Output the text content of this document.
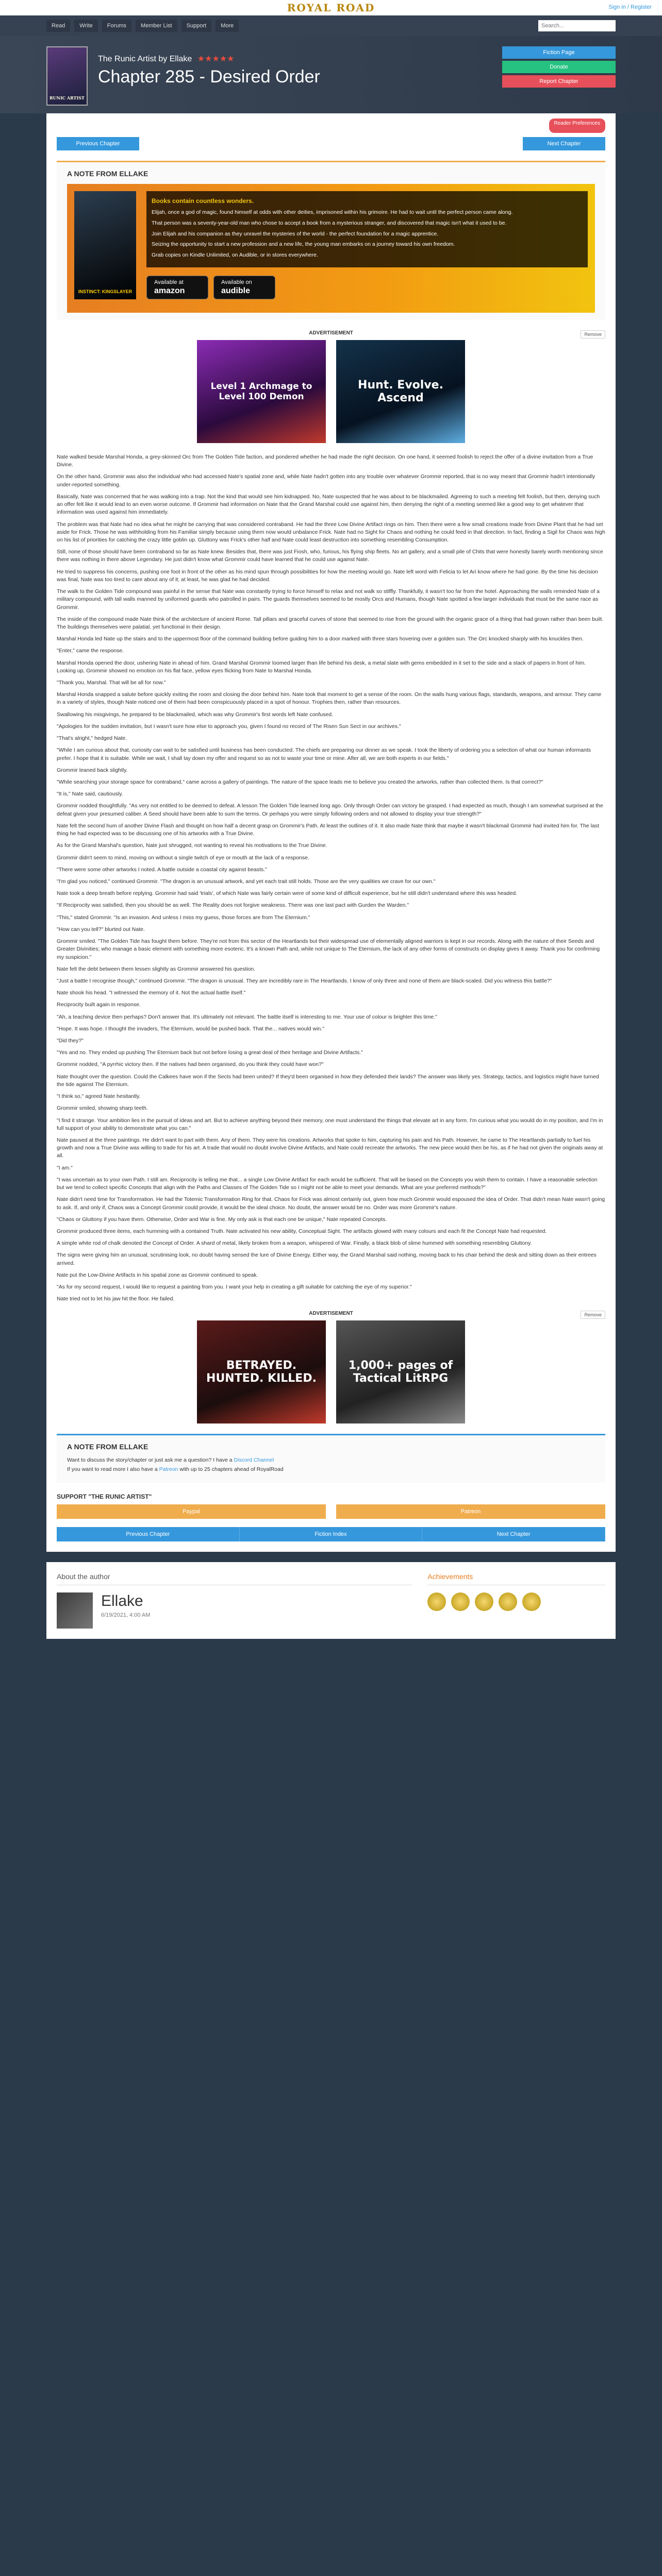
ROYAL ROAD	Sign in / Register
Read	Write	Forums	Member List	Support	More
Search...
RUNIC ARTIST
The Runic Artist by Ellake ★★★★★
Chapter 285 - Desired Order
Fiction Page
Donate
Report Chapter
Reader Preferences
Previous Chapter	Next Chapter
A NOTE FROM ELLAKE
INSTINCT: KINGSLAYER
Books contain countless wonders.

Elijah, once a god of magic, found himself at odds with other deities, imprisoned within his grimoire. He had to wait until the perfect person came along.

That person was a seventy-year-old man who chose to accept a book from a mysterious stranger, and discovered that magic isn't what it used to be.

Join Elijah and his companion as they unravel the mysteries of the world - the perfect foundation for a magic apprentice.

Seizing the opportunity to start a new profession and a new life, the young man embarks on a journey toward his own freedom.

Grab copies on Kindle Unlimited, on Audible, or in stores everywhere.

Available at
amazon
Available on
audible
ADVERTISEMENT	Remove
Level 1 Archmage to Level 100 Demon
Hunt. Evolve. Ascend

Nate walked beside Marshal Honda, a grey-skinned Orc from The Golden Tide faction, and pondered whether he had made the right decision. On one hand, it seemed foolish to reject the offer of a divine invitation from a True Divine.

On the other hand, Grommir was also the individual who had accessed Nate's spatial zone and, while Nate hadn't gotten into any trouble over whatever Grommir reported, that is no way meant that Grommir hadn't intentionally under-reported something.

Basically, Nate was concerned that he was walking into a trap. Not the kind that would see him kidnapped. No, Nate suspected that he was about to be blackmailed. Agreeing to such a meeting felt foolish, but then, denying such an offer felt like it would lead to an even worse outcome. If Grommir had information on Nate that the Grand Marshal could use against him, then denying the right of a meeting seemed like a good way to get whatever that information was used against him immediately.

The problem was that Nate had no idea what he might be carrying that was considered contraband. He had the three Low Divine Artifact rings on him. Then there were a few small creations made from Divine Plant that he had set aside for Frick. Those he was withholding from his Familiar simply because using them now would unbalance Frick. Nate had no Sight for Chaos and nothing he could feed in that direction. In fact, finding a Sigil for Chaos was high on his list of priorities for catching the crazy little goblin up. Gluttony was Frick's other half and Nate could least destruction into something resembling Consumption.

Still, none of those should have been contraband so far as Nate knew. Besides that, there was just Fiosh, who, furious, his flying ship fleets. No art gallery, and a small pile of Chits that were honestly barely worth mentioning since there was nothing in there above Legendary. He just didn't know what Grommir could have learned that he could use against Nate.

He tried to suppress his concerns, pushing one foot in front of the other as his mind spun through possibilities for how the meeting would go. Nate left word with Felicia to let Ari know where he had gone. By the time his decision was final, Nate was too tired to care about any of it; at least, he was glad he had decided.

The walk to the Golden Tide compound was painful in the sense that Nate was constantly trying to force himself to relax and not walk so stiffly. Thankfully, it wasn't too far from the hotel. Approaching the walls reminded Nate of a military compound, with tall walls manned by uniformed guards who patrolled in pairs. The guards themselves seemed to be mostly Orcs and Humans, though Nate spotted a few larger individuals that must be the same race as Grommir.

The inside of the compound made Nate think of the architecture of ancient Rome. Tall pillars and graceful curves of stone that seemed to rise from the ground with the organic grace of a thing that had grown rather than been built. The buildings themselves were palatial, yet functional in their design.

Marshal Honda led Nate up the stairs and to the uppermost floor of the command building before guiding him to a door marked with three stars hovering over a golden sun. The Orc knocked sharply with his knuckles then.

"Enter," came the response.

Marshal Honda opened the door, ushering Nate in ahead of him. Grand Marshal Grommir loomed larger than life behind his desk, a metal slate with gems embedded in it set to the side and a stack of papers in front of him. Looking up, Grommir showed no emotion on his flat face, yellow eyes flicking from Nate to Marshal Honda.

"Thank you, Marshal. That will be all for now."

Marshal Honda snapped a salute before quickly exiting the room and closing the door behind him. Nate took that moment to get a sense of the room. On the walls hung various flags, standards, weapons, and armour. They came in a variety of styles, though Nate noticed one of them had been conspicuously placed in a spot of honour. Trophies then, rather than resources.

Swallowing his misgivings, he prepared to be blackmailed, which was why Grommir's first words left Nate confused.

"Apologies for the sudden invitation, but I wasn't sure how else to approach you, given I found no record of The Risen Sun Sect in our archives."

"That's alright," hedged Nate.

"While I am curious about that, curiosity can wait to be satisfied until business has been conducted. The chiefs are preparing our dinner as we speak. I took the liberty of ordering you a selection of what our human informants prefer. I hope that it is suitable. While we wait, I shall lay down my offer and request so as not to waste your time or mine. After all, we are both experts in our fields."

Grommir leaned back slightly.

"While searching your storage space for contraband," came across a gallery of paintings. The nature of the space leads me to believe you created the artworks, rather than collected them. Is that correct?"

"It is," Nate said, cautiously.

Grommir nodded thoughtfully. "As very not entitled to be deemed to defeat. A lesson The Golden Tide learned long ago. Only through Order can victory be grasped. I had expected as much, though I am somewhat surprised at the defeat given your presumed caliber. A Seed should have been able to sum the terms. Or perhaps you were simply following orders and not allowed to display your true strength?"

Nate felt the second hum of another Divine Flash and thought on how half a decent grasp on Grommir's Path. At least the outlines of it. It also made Nate think that maybe it wasn't blackmail Grommir had invited him for. The last thing he had expected was to be discussing one of his artworks with a True Divine.

As for the Grand Marshal's question, Nate just shrugged, not wanting to reveal his motivations to the True Divine.

Grommir didn't seem to mind, moving on without a single twitch of eye or mouth at the lack of a response.

"There were some other artworks I noted. A battle outside a coastal city against beasts."

"I'm glad you noticed," continued Grommir. "The dragon is an unusual artwork, and yet each trait still holds. Those are the very qualities we crave for our own."

Nate took a deep breath before replying. Grommir had said 'trials', of which Nate was fairly certain were of some kind of difficult experience, but he still didn't understand where this was headed.

"If Reciprocity was satisfied, then you should be as well. The Reality does not forgive weakness. There was one last pact with Gurden the Warden."

"This," stated Grommir. "Is an invasion. And unless I miss my guess, those forces are from The Eternium."

"How can you tell?" blurted out Nate.

Grommir smiled. "The Golden Tide has fought them before. They're not from this sector of the Heartlands but their widespread use of elementally aligned warriors is kept in our records. Along with the nature of their Seeds and Greater Divinities; who manage a basic element with something more esoteric. It's a known Path and, while not unique to The Eternium, the lack of any other forms of constructs on display gives it away. Thank you for confirming my suspicion."

Nate felt the debt between them lessen slightly as Grommir answered his question.

"Just a battle I recognise though," continued Grommir. "The dragon is unusual. They are incredibly rare in The Heartlands. I know of only three and none of them are black-scaled. Did you witness this battle?"

Nate shook his head. "I witnessed the memory of it. Not the actual battle itself."

Reciprocity built again in response.

"Ah, a teaching device then perhaps? Don't answer that. It's ultimately not relevant. The battle itself is interesting to me. Your use of colour is brighter this time."

"Hope. It was hope. I thought the invaders, The Eternium, would be pushed back. That the... natives would win."

"Did they?"

"Yes and no. They ended up pushing The Eternium back but not before losing a great deal of their heritage and Divine Artifacts."

Grommir nodded, "A pyrrhic victory then. If the natives had been organised, do you think they could have won?"

Nate thought over the question. Could the Calkees have won if the Sects had been united? If they'd been organised in how they defended their lands? The answer was likely yes. Strategy, tactics, and logistics might have turned the tide against The Eternium.

"I think so," agreed Nate hesitantly.

Grommir smiled, showing sharp teeth.

"I find it strange. Your ambition lies in the pursuit of ideas and art. But to achieve anything beyond their memory, one must understand the things that elevate art in any form. I'm curious what you would do in my position, and I'm in full support of your ability to demonstrate what you can."

Nate paused at the three paintings. He didn't want to part with them. Any of them. They were his creations. Artworks that spoke to him, capturing his pain and his Path. However, he came to The Heartlands partially to fuel his growth and now a True Divine was willing to trade for his art. A trade that would no doubt involve Divine Artifacts, and Nate could recreate the artworks. The new piece would then be his, as if he had not given the originals away at all.

"I am."

"I was uncertain as to your own Path. I still am. Reciprocity is telling me that... a single Low Divine Artifact for each would be sufficient. That will be based on the Concepts you wish them to contain. I have a reasonable selection but we tend to collect specific Concepts that align with the Paths and Classes of The Golden Tide so I might not be able to meet your demands. What are your preferred methods?"

Nate didn't need time for Transformation. He had the Totemic Transformation Ring for that. Chaos for Frick was almost certainly out, given how much Grommir would espoused the idea of Order. That didn't mean Nate wasn't going to ask. If, and only if, Chaos was a Concept Grommir could provide, it would be the ideal choice. No doubt, the answer would be no. Order was more Grommir's nature.

"Chaos or Gluttony if you have them. Otherwise, Order and War is fine. My only ask is that each one be unique," Nate repeated Concepts.

Grommir produced three items, each humming with a contained Truth. Nate activated his new ability, Conceptual Sight. The artifacts glowed with many colours and each fit the Concept Nate had requested.

A simple white rod of chalk denoted the Concept of Order. A shard of metal, likely broken from a weapon, whispered of War. Finally, a black blob of slime hummed with something resembling Gluttony.

The signs were giving him an unusual, scrutinising look, no doubt having sensed the lure of Divine Energy. Either way, the Grand Marshal said nothing, moving back to his chair behind the desk and sitting down as their entrees arrived.

Nate put the Low-Divine Artifacts in his spatial zone as Grommir continued to speak.

"As for my second request, I would like to request a painting from you. I want your help in creating a gift suitable for catching the eye of my superior."

Nate tried not to let his jaw hit the floor. He failed.

ADVERTISEMENT	Remove
BETRAYED. HUNTED. KILLED.
1,000+ pages of Tactical LitRPG
A NOTE FROM ELLAKE

Want to discuss the story/chapter or just ask me a question? I have a Discord Channel

If you want to read more I also have a Patreon with up to 25 chapters ahead of RoyalRoad

SUPPORT "THE RUNIC ARTIST"
Paypal	Patreon
Previous Chapter	Fiction Index	Next Chapter
About the author
Ellake
6/19/2021, 4:00 AM
Achievements
